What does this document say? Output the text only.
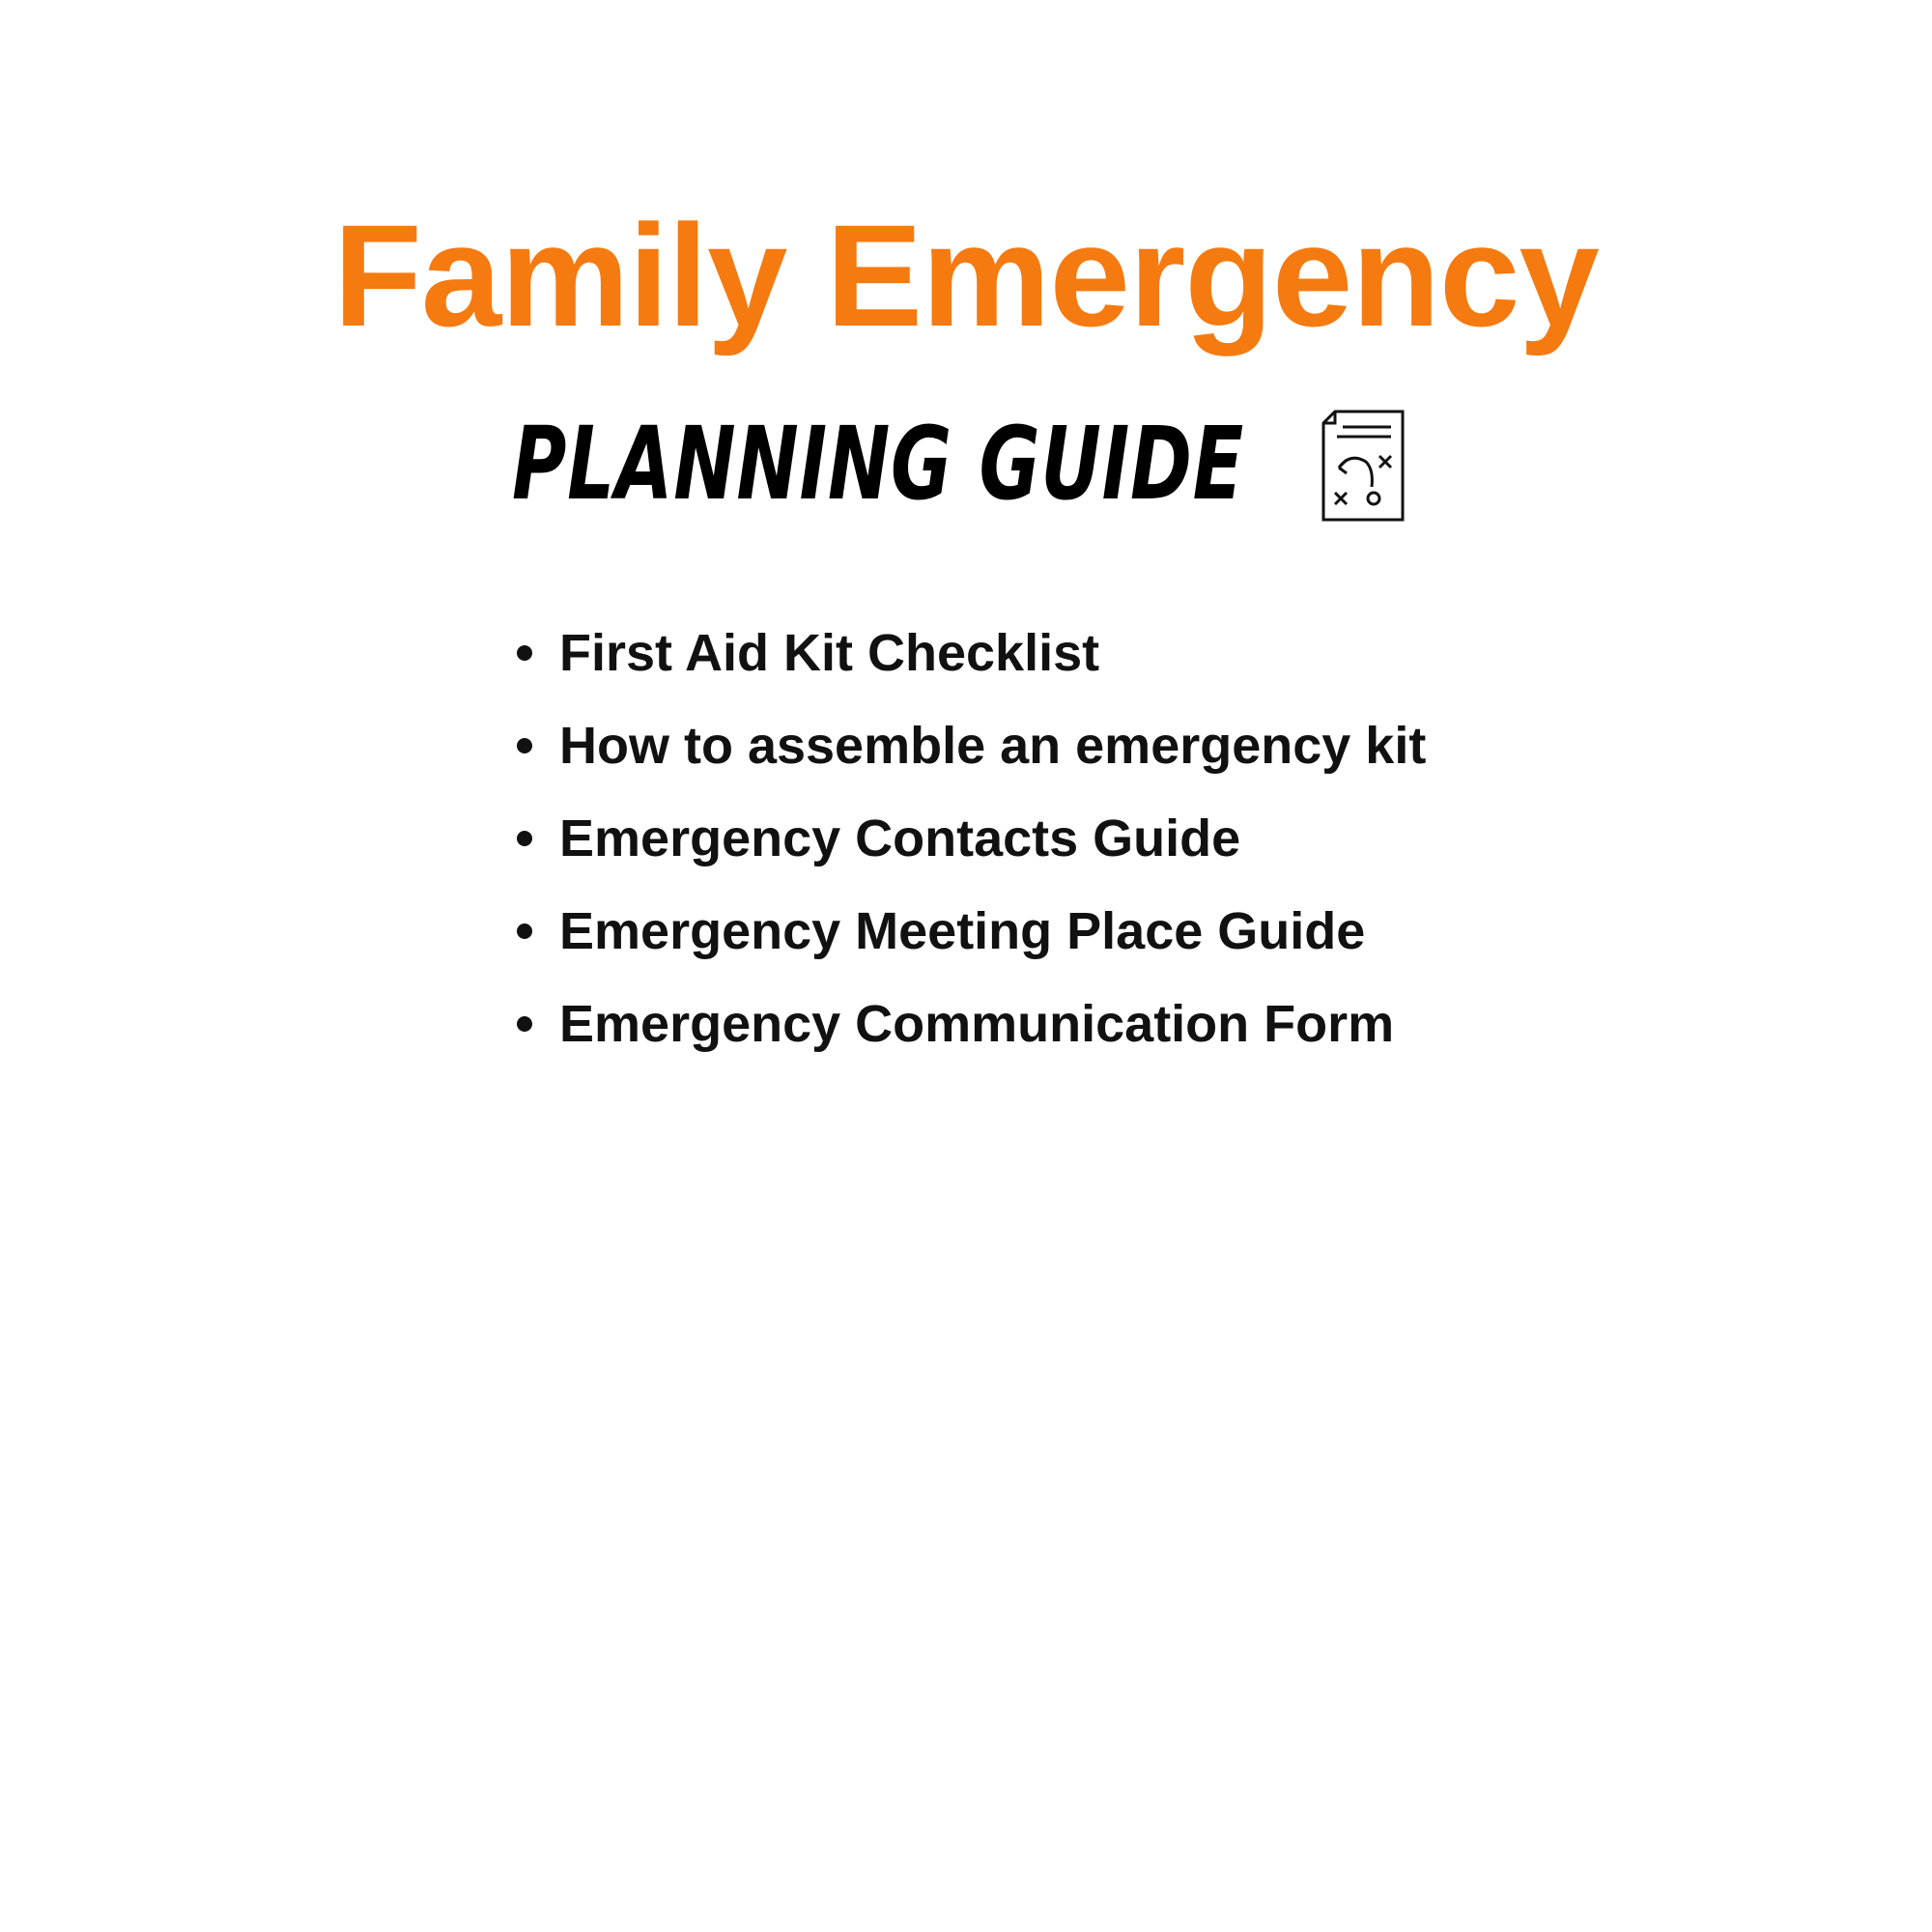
Family Emergency
PLANNING GUIDE
First Aid Kit Checklist
How to assemble an emergency kit
Emergency Contacts Guide
Emergency Meeting Place Guide
Emergency Communication Form
